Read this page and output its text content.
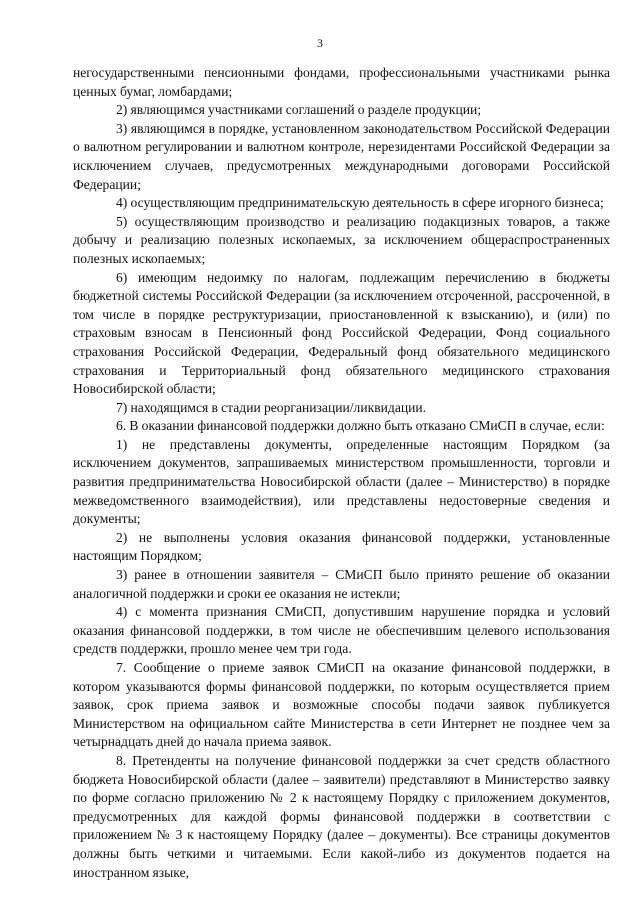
3

негосударственными пенсионными фондами, профессиональными участниками рынка ценных бумаг, ломбардами;

2) являющимся участниками соглашений о разделе продукции;

3) являющимся в порядке, установленном законодательством Российской Федерации о валютном регулировании и валютном контроле, нерезидентами Российской Федерации за исключением случаев, предусмотренных международными договорами Российской Федерации;

4) осуществляющим предпринимательскую деятельность в сфере игорного бизнеса;

5) осуществляющим производство и реализацию подакцизных товаров, а также добычу и реализацию полезных ископаемых, за исключением общераспространенных полезных ископаемых;

6) имеющим недоимку по налогам, подлежащим перечислению в бюджеты бюджетной системы Российской Федерации (за исключением отсроченной, рассроченной, в том числе в порядке реструктуризации, приостановленной к взысканию), и (или) по страховым взносам в Пенсионный фонд Российской Федерации, Фонд социального страхования Российской Федерации, Федеральный фонд обязательного медицинского страхования и Территориальный фонд обязательного медицинского страхования Новосибирской области;

7) находящимся в стадии реорганизации/ликвидации.

6. В оказании финансовой поддержки должно быть отказано СМиСП в случае, если:

1) не представлены документы, определенные настоящим Порядком (за исключением документов, запрашиваемых министерством промышленности, торговли и развития предпринимательства Новосибирской области (далее – Министерство) в порядке межведомственного взаимодействия), или представлены недостоверные сведения и документы;

2) не выполнены условия оказания финансовой поддержки, установленные настоящим Порядком;

3) ранее в отношении заявителя – СМиСП было принято решение об оказании аналогичной поддержки и сроки ее оказания не истекли;

4) с момента признания СМиСП, допустившим нарушение порядка и условий оказания финансовой поддержки, в том числе не обеспечившим целевого использования средств поддержки, прошло менее чем три года.

7. Сообщение о приеме заявок СМиСП на оказание финансовой поддержки, в котором указываются формы финансовой поддержки, по которым осуществляется прием заявок, срок приема заявок и возможные способы подачи заявок публикуется Министерством на официальном сайте Министерства в сети Интернет не позднее чем за четырнадцать дней до начала приема заявок.

8. Претенденты на получение финансовой поддержки за счет средств областного бюджета Новосибирской области (далее – заявители) представляют в Министерство заявку по форме согласно приложению № 2 к настоящему Порядку с приложением документов, предусмотренных для каждой формы финансовой поддержки в соответствии с приложением № 3 к настоящему Порядку (далее – документы). Все страницы документов должны быть четкими и читаемыми. Если какой-либо из документов подается на иностранном языке,
